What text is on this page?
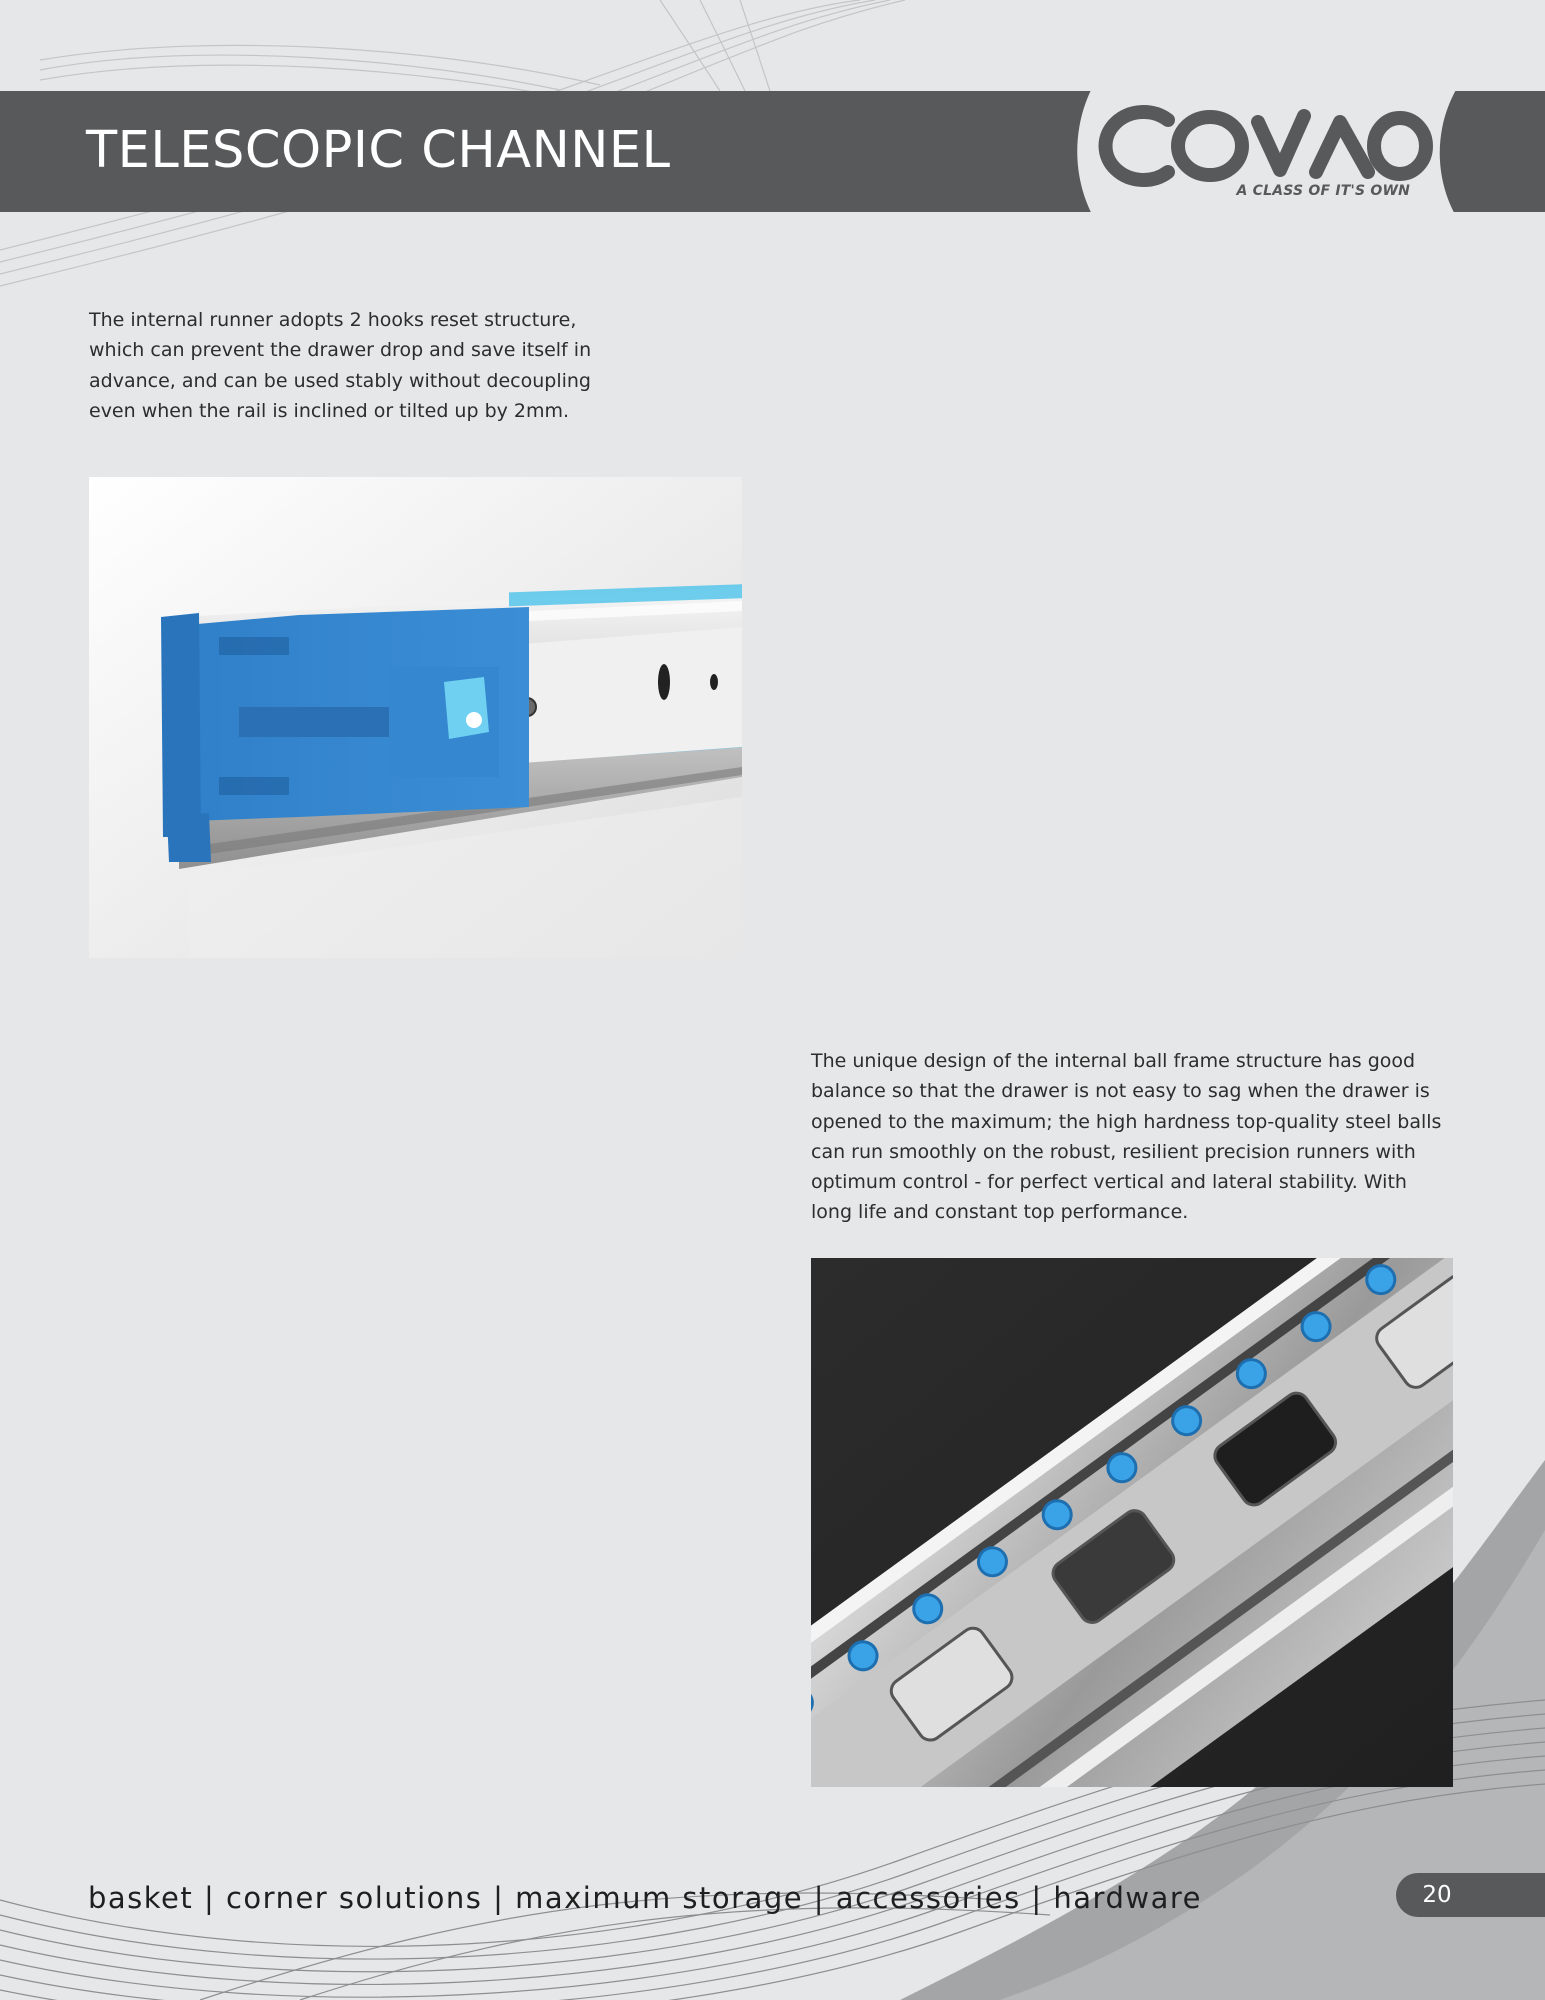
TELESCOPIC CHANNEL
A CLASS OF IT'S OWN

The internal runner adopts 2 hooks reset structure, which can prevent the drawer drop and save itself in advance, and can be used stably without decoupling even when the rail is inclined or tilted up by 2mm.

The unique design of the internal ball frame structure has good balance so that the drawer is not easy to sag when the drawer is opened to the maximum; the high hardness top-quality steel balls can run smoothly on the robust, resilient precision runners with optimum control - for perfect vertical and lateral stability. With long life and constant top performance.

basket | corner solutions | maximum storage | accessories | hardware	20
